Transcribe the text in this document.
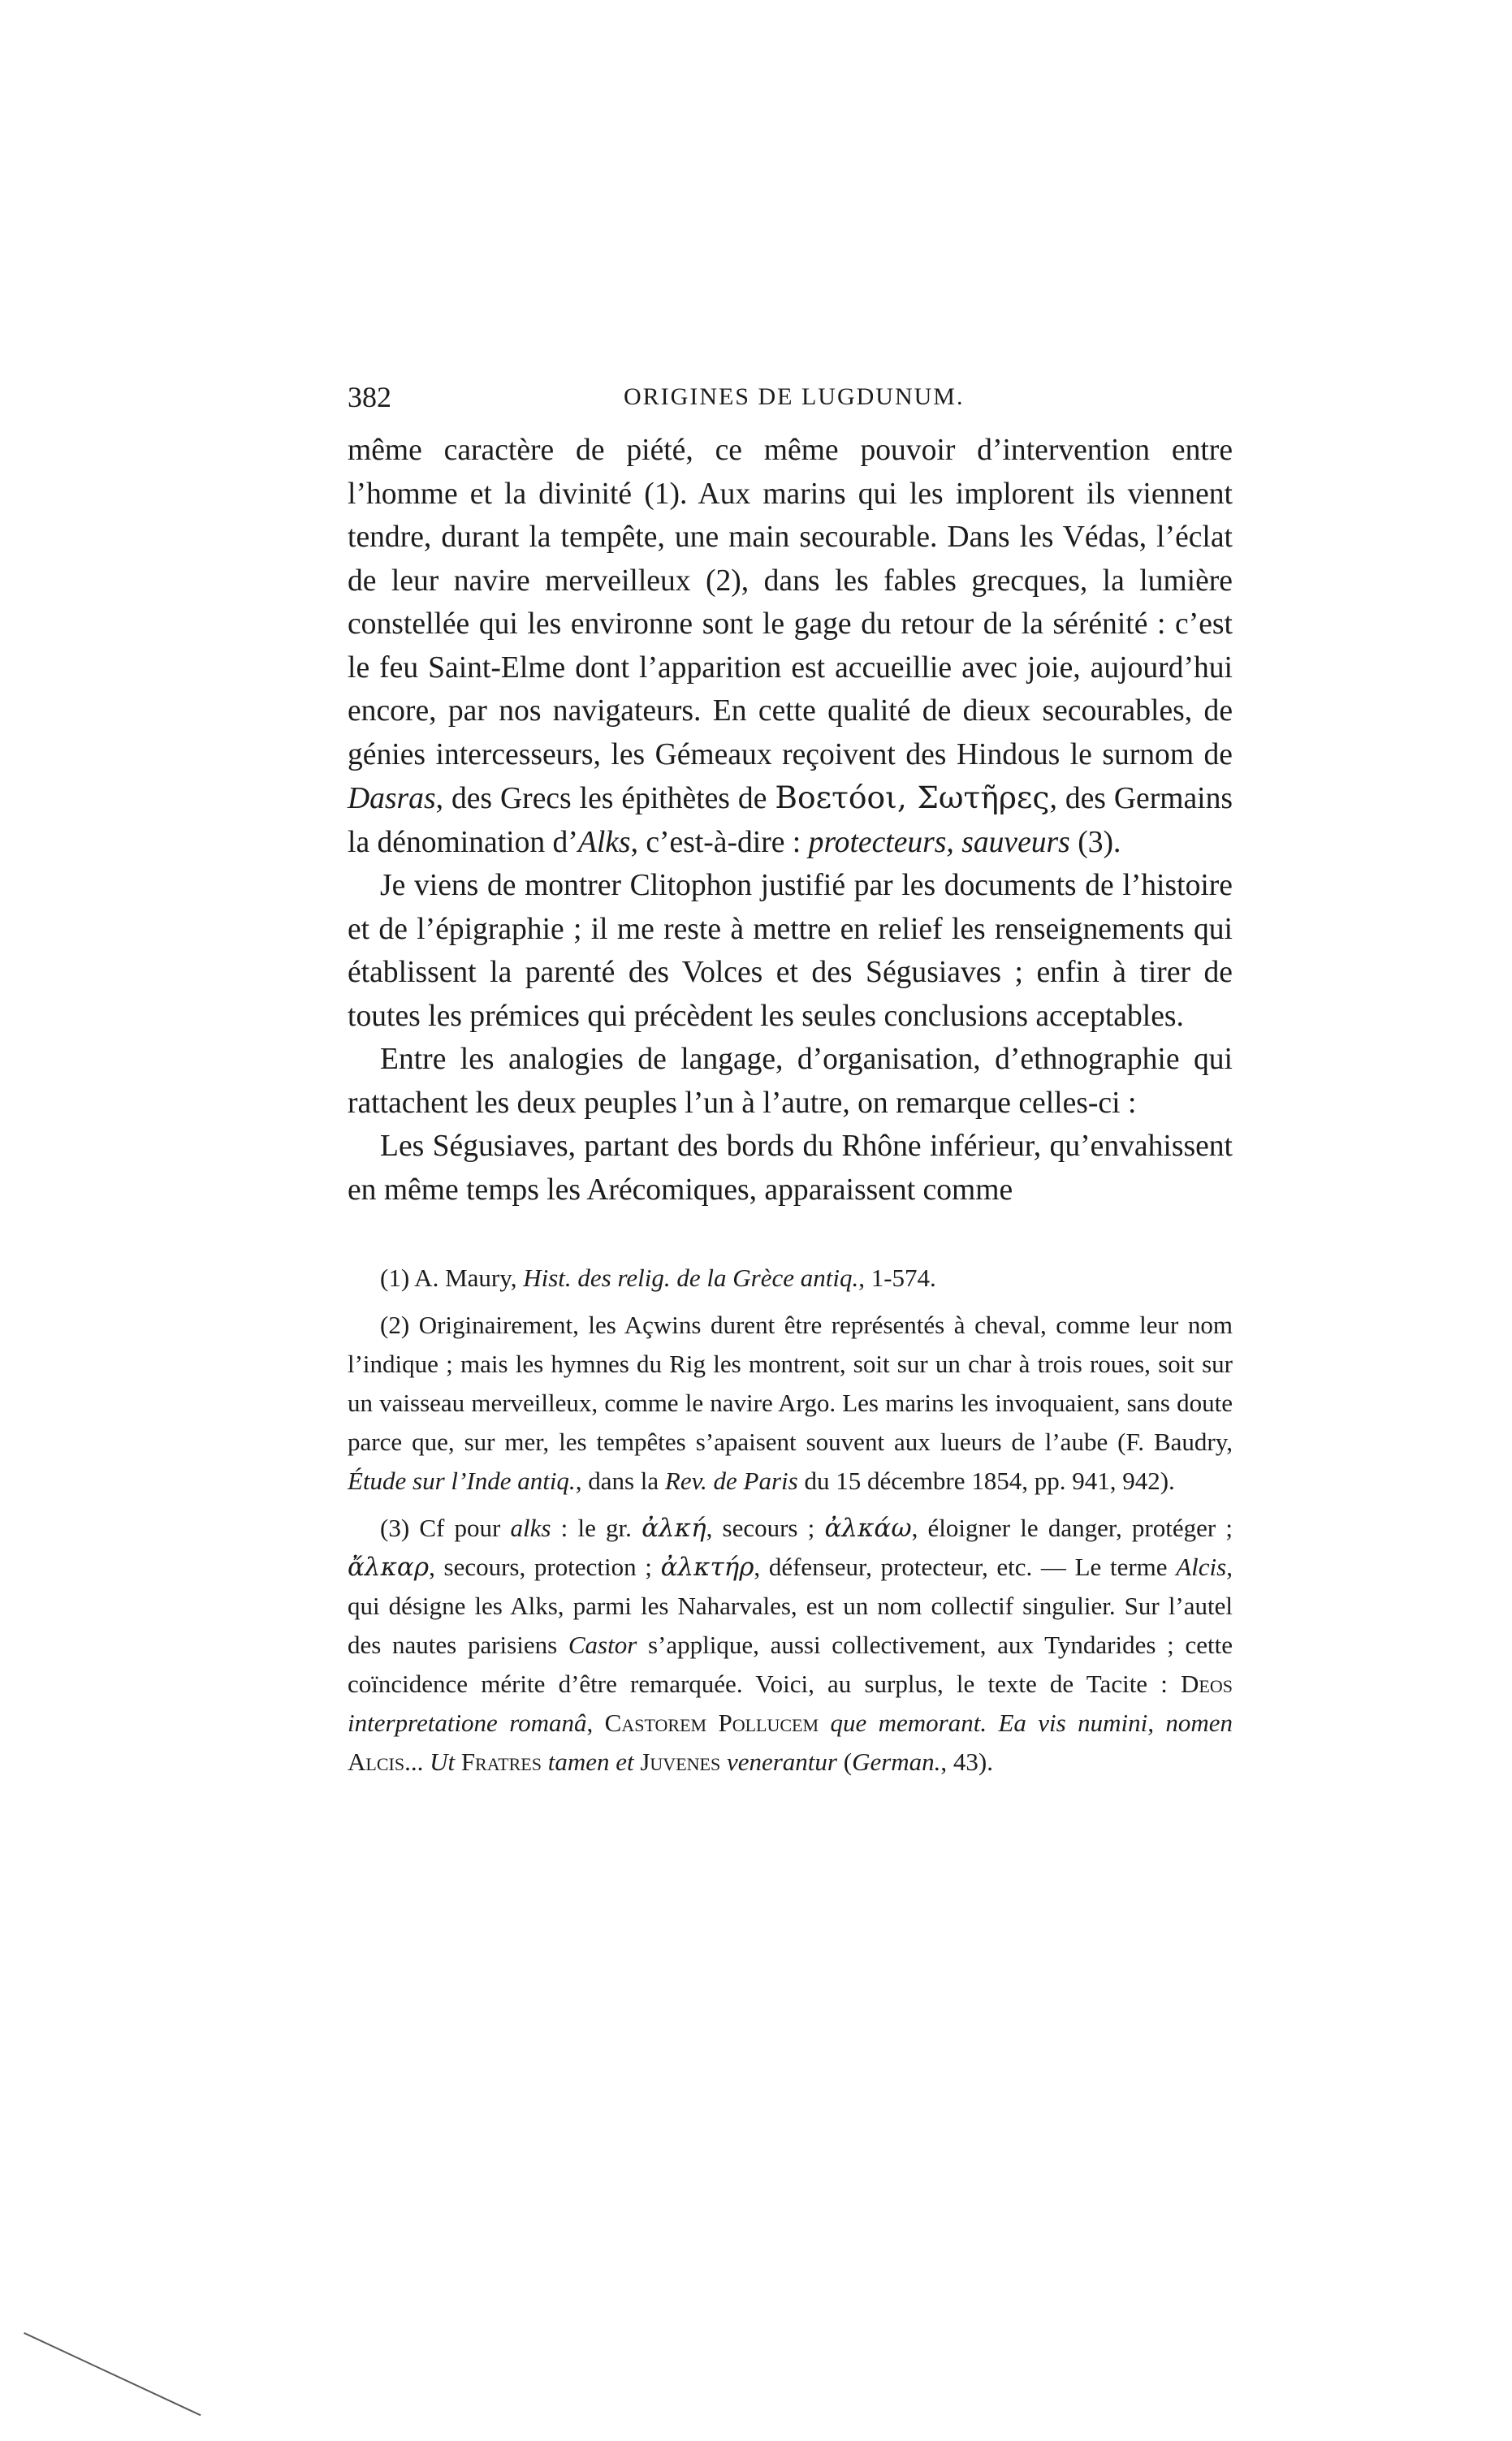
382	ORIGINES DE LUGDUNUM.

même caractère de piété, ce même pouvoir d’intervention entre l’homme et la divinité (1). Aux marins qui les implorent ils viennent tendre, durant la tempête, une main secourable. Dans les Védas, l’éclat de leur navire merveilleux (2), dans les fables grecques, la lumière constellée qui les environne sont le gage du retour de la sérénité : c’est le feu Saint-Elme dont l’apparition est accueillie avec joie, aujourd’hui encore, par nos navigateurs. En cette qualité de dieux secourables, de génies intercesseurs, les Gémeaux reçoivent des Hindous le surnom de Dasras, des Grecs les épithètes de Βοετόοι, Σωτῆρες, des Germains la dénomination d’Alks, c’est-à-dire : protecteurs, sauveurs (3).

Je viens de montrer Clitophon justifié par les documents de l’histoire et de l’épigraphie ; il me reste à mettre en relief les renseignements qui établissent la parenté des Volces et des Ségusiaves ; enfin à tirer de toutes les prémices qui précèdent les seules conclusions acceptables.

Entre les analogies de langage, d’organisation, d’ethnographie qui rattachent les deux peuples l’un à l’autre, on remarque celles-ci :

Les Ségusiaves, partant des bords du Rhône inférieur, qu’envahissent en même temps les Arécomiques, apparaissent comme

(1) A. Maury, Hist. des relig. de la Grèce antiq., 1-574.

(2) Originairement, les Açwins durent être représentés à cheval, comme leur nom l’indique ; mais les hymnes du Rig les montrent, soit sur un char à trois roues, soit sur un vaisseau merveilleux, comme le navire Argo. Les marins les invoquaient, sans doute parce que, sur mer, les tempêtes s’apaisent souvent aux lueurs de l’aube (F. Baudry, Étude sur l’Inde antiq., dans la Rev. de Paris du 15 décembre 1854, pp. 941, 942).

(3) Cf pour alks : le gr. ἀλκή, secours ; ἀλκάω, éloigner le danger, protéger ; ἄλκαρ, secours, protection ; ἀλκτήρ, défenseur, protecteur, etc. — Le terme Alcis, qui désigne les Alks, parmi les Naharvales, est un nom collectif singulier. Sur l’autel des nautes parisiens Castor s’applique, aussi collectivement, aux Tyndarides ; cette coïncidence mérite d’être remarquée. Voici, au surplus, le texte de Tacite : Deos interpretatione romanâ, Castorem Pollucem que memorant. Ea vis numini, nomen Alcis... Ut Fratres tamen et Juvenes venerantur (German., 43).
